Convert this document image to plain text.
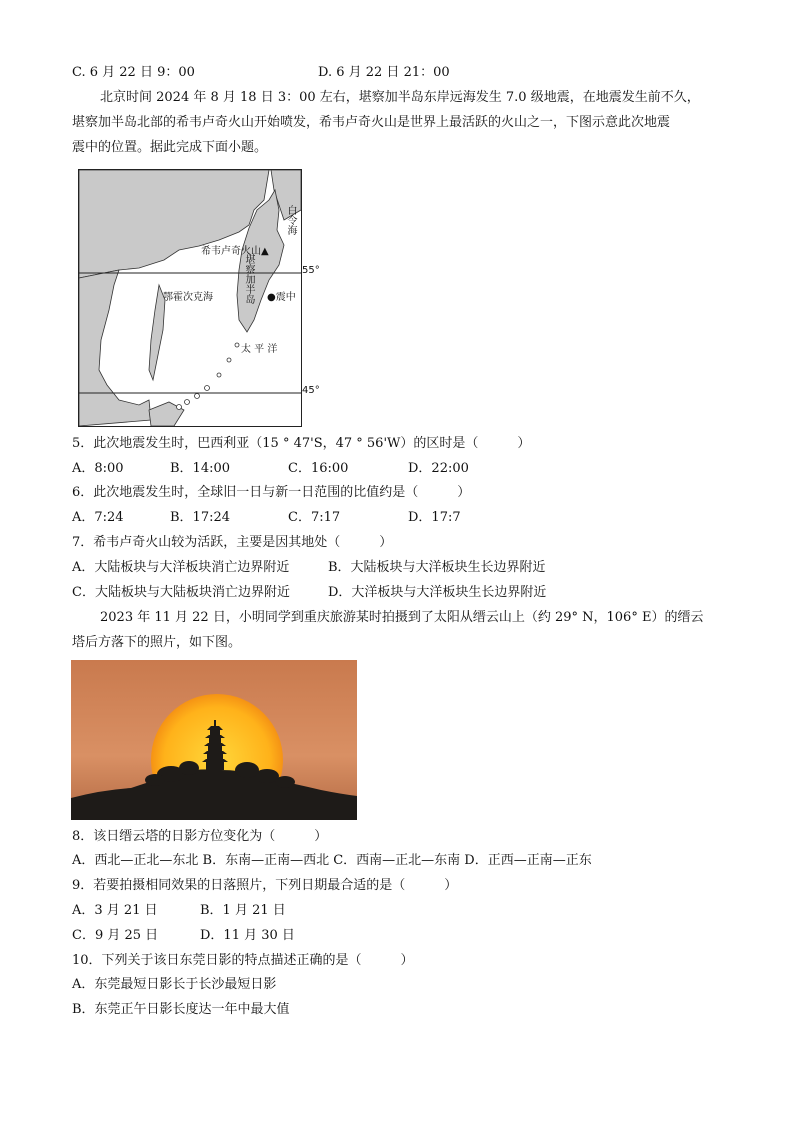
C. 6 月 22 日 9：00	D. 6 月 22 日 21：00
北京时间 2024 年 8 月 18 日 3：00 左右，堪察加半岛东岸远海发生 7.0 级地震，在地震发生前不久，
堪察加半岛北部的希韦卢奇火山开始喷发，希韦卢奇火山是世界上最活跃的火山之一，下图示意此次地震
震中的位置。据此完成下面小题。
希韦卢奇火山▲
堪察加半岛
白令海
鄂霍次克海	●震中
太 平 洋
55°
45°
5．此次地震发生时，巴西利亚（15 ° 47'S，47 ° 56'W）的区时是（　　　）
A．8:00	B．14:00	C．16:00	D．22:00
6．此次地震发生时，全球旧一日与新一日范围的比值约是（　　　）
A．7:24	B．17:24	C．7:17	D．17:7
7．希韦卢奇火山较为活跃，主要是因其地处（　　　）
A．大陆板块与大洋板块消亡边界附近	B．大陆板块与大洋板块生长边界附近
C．大陆板块与大陆板块消亡边界附近	D．大洋板块与大洋板块生长边界附近
2023 年 11 月 22 日，小明同学到重庆旅游某时拍摄到了太阳从缙云山上（约 29° N，106° E）的缙云
塔后方落下的照片，如下图。
8．该日缙云塔的日影方位变化为（　　　）
A．西北—正北—东北 B．东南—正南—西北 C．西南—正北—东南 D．正西—正南—正东
9．若要拍摄相同效果的日落照片，下列日期最合适的是（　　　）
A．3 月 21 日	B．1 月 21 日
C．9 月 25 日	D．11 月 30 日
10．下列关于该日东莞日影的特点描述正确的是（　　　）
A．东莞最短日影长于长沙最短日影
B．东莞正午日影长度达一年中最大值
